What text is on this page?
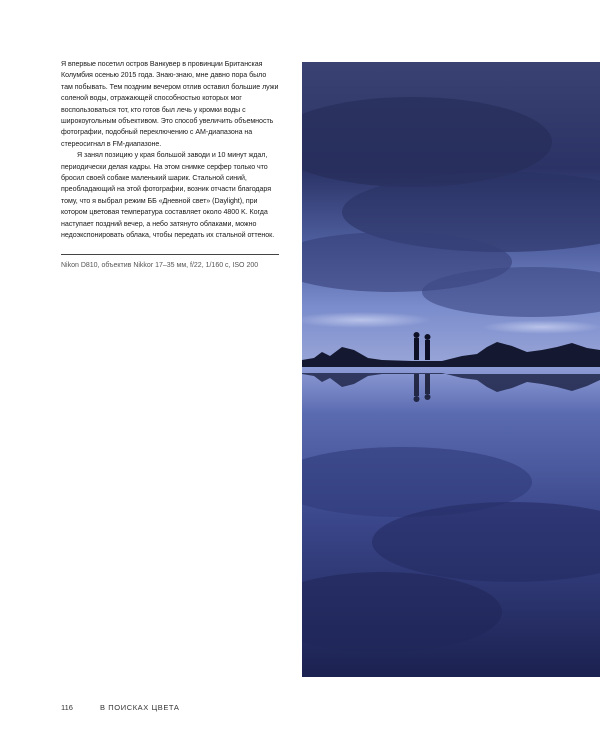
Я впервые посетил остров Ванкувер в провинции Британская Колумбия осенью 2015 года. Знаю-знаю, мне давно пора было там побывать. Тем поздним вечером отлив оставил большие лужи соленой воды, отражающей способностью которых мог воспользоваться тот, кто готов был лечь у кромки воды с широкоугольным объективом. Это способ увеличить объемность фотографии, подобный переключению с AM-диапазона на стереосигнал в FM-диапазоне.

Я занял позицию у края большой заводи и 10 минут ждал, периодически делая кадры. На этом снимке серфер только что бросил своей собаке маленький шарик. Стальной синий, преобладающий на этой фотографии, возник отчасти благодаря тому, что я выбрал режим ББ «Дневной свет» (Daylight), при котором цветовая температура составляет около 4800 K. Когда наступает поздний вечер, а небо затянуто облаками, можно недоэкспонировать облака, чтобы передать их стальной оттенок.

Nikon D810, объектив Nikkor 17–35 мм, f/22, 1/160 с, ISO 200

116	В ПОИСКАХ ЦВЕТА
